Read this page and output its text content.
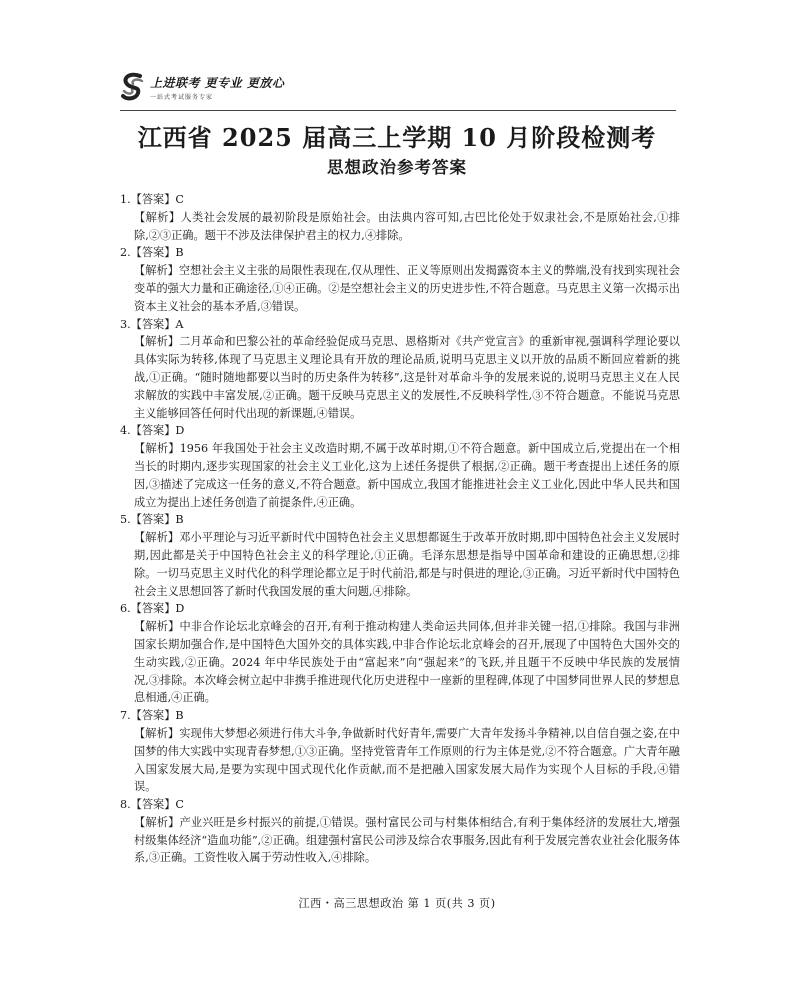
上进联考 更专业 更放心
一站式考试服务专家
江西省 2025 届高三上学期 10 月阶段检测考
思想政治参考答案

1.【答案】C

【解析】人类社会发展的最初阶段是原始社会。由法典内容可知,古巴比伦处于奴隶社会,不是原始社会,①排除,②③正确。题干不涉及法律保护君主的权力,④排除。

2.【答案】B

【解析】空想社会主义主张的局限性表现在,仅从理性、正义等原则出发揭露资本主义的弊端,没有找到实现社会变革的强大力量和正确途径,①④正确。②是空想社会主义的历史进步性,不符合题意。马克思主义第一次揭示出资本主义社会的基本矛盾,③错误。

3.【答案】A

【解析】二月革命和巴黎公社的革命经验促成马克思、恩格斯对《共产党宣言》的重新审视,强调科学理论要以具体实际为转移,体现了马克思主义理论具有开放的理论品质,说明马克思主义以开放的品质不断回应着新的挑战,①正确。“随时随地都要以当时的历史条件为转移”,这是针对革命斗争的发展来说的,说明马克思主义在人民求解放的实践中丰富发展,②正确。题干反映马克思主义的发展性,不反映科学性,③不符合题意。不能说马克思主义能够回答任何时代出现的新课题,④错误。

4.【答案】D

【解析】1956 年我国处于社会主义改造时期,不属于改革时期,①不符合题意。新中国成立后,党提出在一个相当长的时期内,逐步实现国家的社会主义工业化,这为上述任务提供了根据,②正确。题干考查提出上述任务的原因,③描述了完成这一任务的意义,不符合题意。新中国成立,我国才能推进社会主义工业化,因此中华人民共和国成立为提出上述任务创造了前提条件,④正确。

5.【答案】B

【解析】邓小平理论与习近平新时代中国特色社会主义思想都诞生于改革开放时期,即中国特色社会主义发展时期,因此都是关于中国特色社会主义的科学理论,①正确。毛泽东思想是指导中国革命和建设的正确思想,②排除。一切马克思主义时代化的科学理论都立足于时代前沿,都是与时俱进的理论,③正确。习近平新时代中国特色社会主义思想回答了新时代我国发展的重大问题,④排除。

6.【答案】D

【解析】中非合作论坛北京峰会的召开,有利于推动构建人类命运共同体,但并非关键一招,①排除。我国与非洲国家长期加强合作,是中国特色大国外交的具体实践,中非合作论坛北京峰会的召开,展现了中国特色大国外交的生动实践,②正确。2024 年中华民族处于由“富起来”向“强起来”的飞跃,并且题干不反映中华民族的发展情况,③排除。本次峰会树立起中非携手推进现代化历史进程中一座新的里程碑,体现了中国梦同世界人民的梦想息息相通,④正确。

7.【答案】B

【解析】实现伟大梦想必须进行伟大斗争,争做新时代好青年,需要广大青年发扬斗争精神,以自信自强之姿,在中国梦的伟大实践中实现青春梦想,①③正确。坚持党管青年工作原则的行为主体是党,②不符合题意。广大青年融入国家发展大局,是要为实现中国式现代化作贡献,而不是把融入国家发展大局作为实现个人目标的手段,④错误。

8.【答案】C

【解析】产业兴旺是乡村振兴的前提,①错误。强村富民公司与村集体相结合,有利于集体经济的发展壮大,增强村级集体经济“造血功能”,②正确。组建强村富民公司涉及综合农事服务,因此有利于发展完善农业社会化服务体系,③正确。工资性收入属于劳动性收入,④排除。

江西・高三思想政治 第 1 页(共 3 页)
